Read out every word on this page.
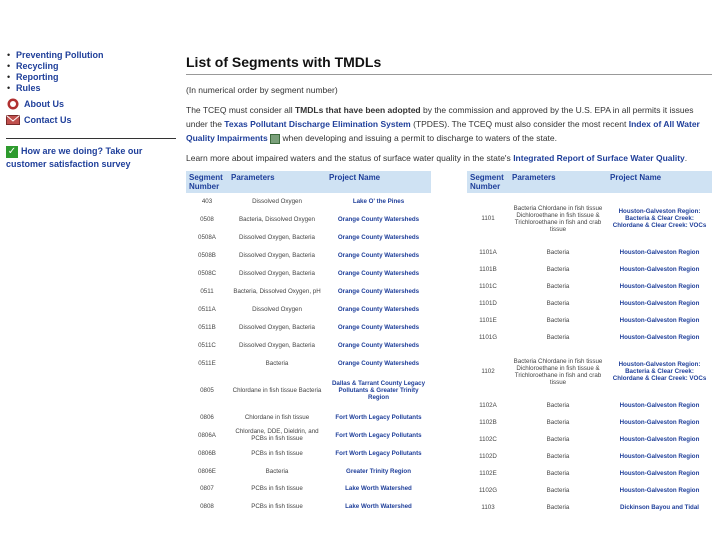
• Preventing Pollution
• Recycling
• Reporting
• Rules
About Us
Contact Us
✓ How are we doing? Take our
customer satisfaction survey
List of Segments with TMDLs

(In numerical order by segment number)

The TCEQ must consider all TMDLs that have been adopted by the commission and approved by the U.S. EPA in all permits it issues under the Texas Pollutant Discharge Elimination System (TPDES). The TCEQ must also consider the most recent Index of All Water Quality Impairments when developing and issuing a permit to discharge to waters of the state.

Learn more about impaired waters and the status of surface water quality in the state's Integrated Report of Surface Water Quality.

Segment Number	Parameters	Project Name
403	Dissolved Oxygen	Lake O' the Pines
0508	Bacteria, Dissolved Oxygen	Orange County Watersheds
0508A	Dissolved Oxygen, Bacteria	Orange County Watersheds
0508B	Dissolved Oxygen, Bacteria	Orange County Watersheds
0508C	Dissolved Oxygen, Bacteria	Orange County Watersheds
0511	Bacteria, Dissolved Oxygen, pH	Orange County Watersheds
0511A	Dissolved Oxygen	Orange County Watersheds
0511B	Dissolved Oxygen, Bacteria	Orange County Watersheds
0511C	Dissolved Oxygen, Bacteria	Orange County Watersheds
0511E	Bacteria	Orange County Watersheds
0805	Chlordane in fish tissue Bacteria	Dallas & Tarrant County Legacy Pollutants & Greater Trinity Region
0806	Chlordane in fish tissue	Fort Worth Legacy Pollutants
0806A	Chlordane, DDE, Dieldrin, and PCBs in fish tissue	Fort Worth Legacy Pollutants
0806B	PCBs in fish tissue	Fort Worth Legacy Pollutants
0806E	Bacteria	Greater Trinity Region
0807	PCBs in fish tissue	Lake Worth Watershed
0808	PCBs in fish tissue	Lake Worth Watershed
Segment Number	Parameters	Project Name
1101	Bacteria Chlordane in fish tissue Dichloroethane in fish tissue & Trichloroethane in fish and crab tissue	Houston-Galveston Region: Bacteria & Clear Creek: Chlordane & Clear Creek: VOCs
1101A	Bacteria	Houston-Galveston Region
1101B	Bacteria	Houston-Galveston Region
1101C	Bacteria	Houston-Galveston Region
1101D	Bacteria	Houston-Galveston Region
1101E	Bacteria	Houston-Galveston Region
1101G	Bacteria	Houston-Galveston Region
1102	Bacteria Chlordane in fish tissue Dichloroethane in fish tissue & Trichloroethane in fish and crab tissue	Houston-Galveston Region: Bacteria & Clear Creek: Chlordane & Clear Creek: VOCs
1102A	Bacteria	Houston-Galveston Region
1102B	Bacteria	Houston-Galveston Region
1102C	Bacteria	Houston-Galveston Region
1102D	Bacteria	Houston-Galveston Region
1102E	Bacteria	Houston-Galveston Region
1102G	Bacteria	Houston-Galveston Region
1103	Bacteria	Dickinson Bayou and Tidal
